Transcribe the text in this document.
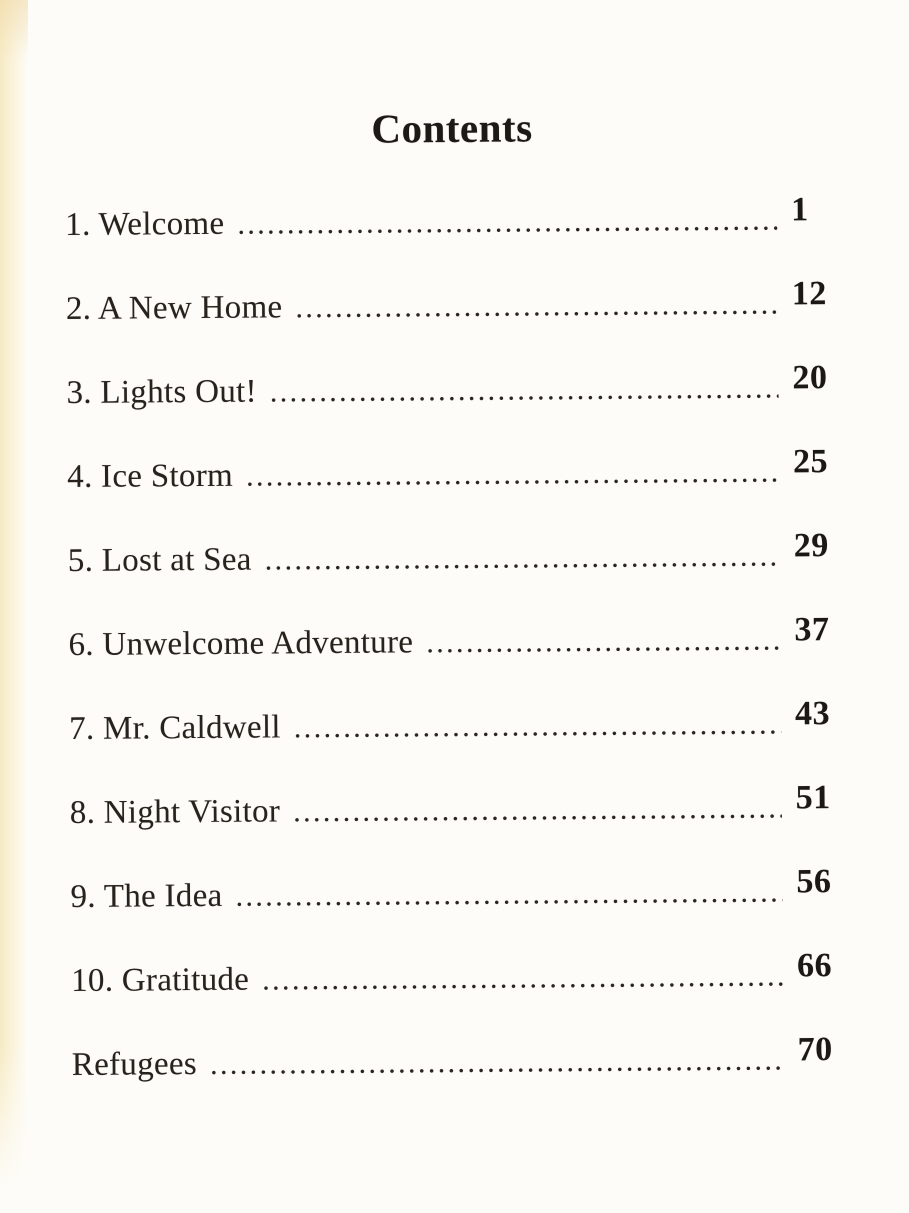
Contents
1. Welcome .....	1
2. A New Home .....	12
3. Lights Out! .....	20
4. Ice Storm .....	25
5. Lost at Sea .....	29
6. Unwelcome Adventure .....	37
7. Mr. Caldwell .....	43
8. Night Visitor .....	51
9. The Idea .....	56
10. Gratitude .....	66
Refugees .....	70
